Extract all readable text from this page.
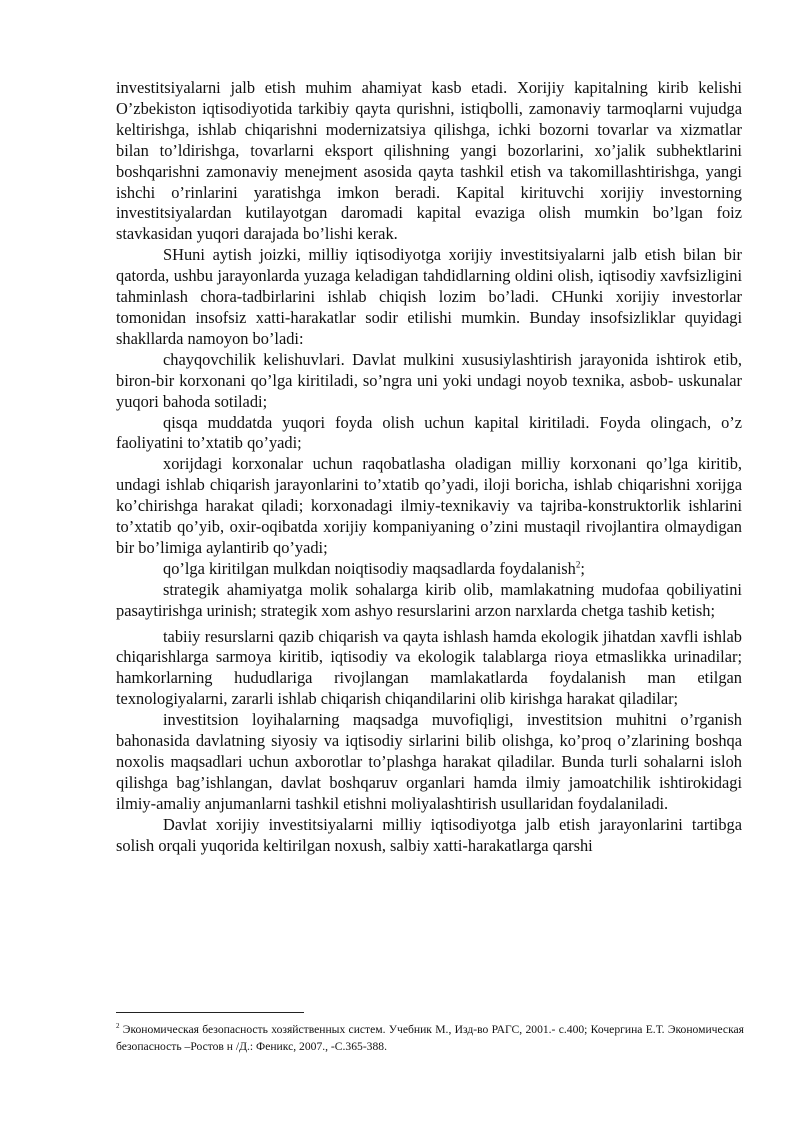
investitsiyalarni jalb etish muhim ahamiyat kasb etadi. Xorijiy kapitalning kirib kelishi O’zbekiston iqtisodiyotida tarkibiy qayta qurishni, istiqbolli, zamonaviy tarmoqlarni vujudga keltirishga, ishlab chiqarishni modernizatsiya qilishga, ichki bozorni tovarlar va xizmatlar bilan to’ldirishga, tovarlarni eksport qilishning yangi bozorlarini, xo’jalik subhektlarini boshqarishni zamonaviy menejment asosida qayta tashkil etish va takomillashtirishga, yangi ishchi o’rinlarini yaratishga imkon beradi. Kapital kirituvchi xorijiy investorning investitsiyalardan kutilayotgan daromadi kapital evaziga olish mumkin bo’lgan foiz stavkasidan yuqori darajada bo’lishi kerak.

SHuni aytish joizki, milliy iqtisodiyotga xorijiy investitsiyalarni jalb etish bilan bir qatorda, ushbu jarayonlarda yuzaga keladigan tahdidlarning oldini olish, iqtisodiy xavfsizligini tahminlash chora-tadbirlarini ishlab chiqish lozim bo’ladi. CHunki xorijiy investorlar tomonidan insofsiz xatti-harakatlar sodir etilishi mumkin. Bunday insofsizliklar quyidagi shakllarda namoyon bo’ladi:

chayqovchilik kelishuvlari. Davlat mulkini xususiylashtirish jarayonida ishtirok etib, biron-bir korxonani qo’lga kiritiladi, so’ngra uni yoki undagi noyob texnika, asbob- uskunalar yuqori bahoda sotiladi;

qisqa muddatda yuqori foyda olish uchun kapital kiritiladi. Foyda olingach, o’z faoliyatini to’xtatib qo’yadi;

xorijdagi korxonalar uchun raqobatlasha oladigan milliy korxonani qo’lga kiritib, undagi ishlab chiqarish jarayonlarini to’xtatib qo’yadi, iloji boricha, ishlab chiqarishni xorijga ko’chirishga harakat qiladi; korxonadagi ilmiy-texnikaviy va tajriba-konstruktorlik ishlarini to’xtatib qo’yib, oxir-oqibatda xorijiy kompaniyaning o’zini mustaqil rivojlantira olmaydigan bir bo’limiga aylantirib qo’yadi;

qo’lga kiritilgan mulkdan noiqtisodiy maqsadlarda foydalanish$^2$;

strategik ahamiyatga molik sohalarga kirib olib, mamlakatning mudofaa qobiliyatini pasaytirishga urinish; strategik xom ashyo resurslarini arzon narxlarda chetga tashib ketish;

tabiiy resurslarni qazib chiqarish va qayta ishlash hamda ekologik jihatdan xavfli ishlab chiqarishlarga sarmoya kiritib, iqtisodiy va ekologik talablarga rioya etmaslikka urinadilar; hamkorlarning hududlariga rivojlangan mamlakatlarda foydalanish man etilgan texnologiyalarni, zararli ishlab chiqarish chiqandilarini olib kirishga harakat qiladilar;

investitsion loyihalarning maqsadga muvofiqligi, investitsion muhitni o’rganish bahonasida davlatning siyosiy va iqtisodiy sirlarini bilib olishga, ko’proq o’zlarining boshqa noxolis maqsadlari uchun axborotlar to’plashga harakat qiladilar. Bunda turli sohalarni isloh qilishga bag’ishlangan, davlat boshqaruv organlari hamda ilmiy jamoatchilik ishtirokidagi ilmiy-amaliy anjumanlarni tashkil etishni moliyalashtirish usullaridan foydalaniladi.

Davlat xorijiy investitsiyalarni milliy iqtisodiyotga jalb etish jarayonlarini tartibga solish orqali yuqorida keltirilgan noxush, salbiy xatti-harakatlarga qarshi

$^2$ Экономическая безопасность хозяйственных систем. Учебник М., Изд-во РАГС, 2001.- с.400; Кочергина Е.Т. Экономическая безопасность –Ростов н /Д.: Феникс, 2007., -С.365-388.
